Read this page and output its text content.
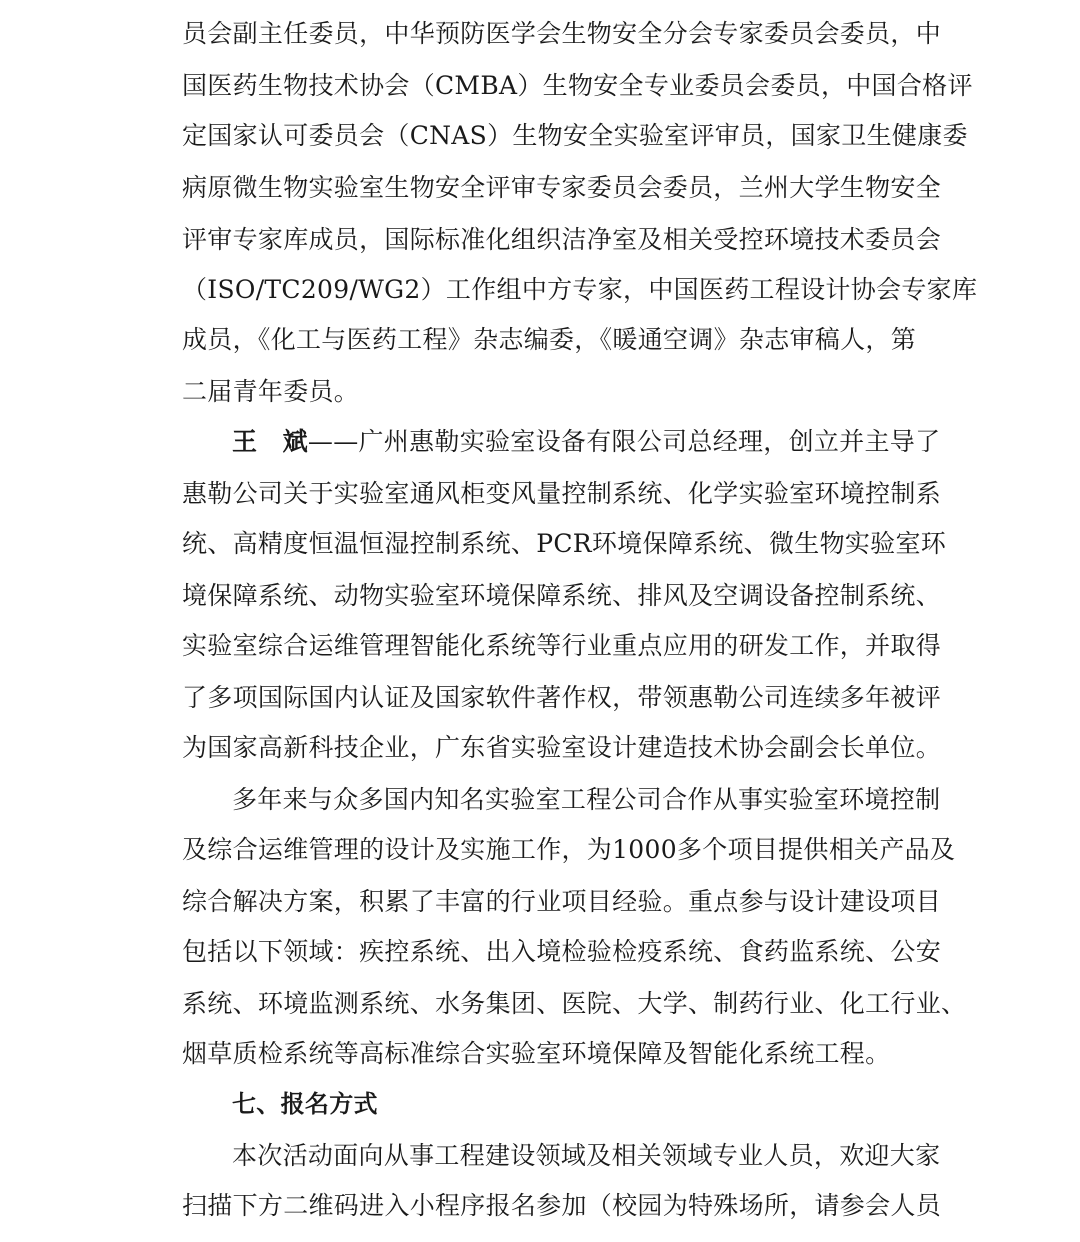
员会副主任委员，中华预防医学会生物安全分会专家委员会委员，中
国医药生物技术协会（CMBA）生物安全专业委员会委员，中国合格评
定国家认可委员会（CNAS）生物安全实验室评审员，国家卫生健康委
病原微生物实验室生物安全评审专家委员会委员，兰州大学生物安全
评审专家库成员，国际标准化组织洁净室及相关受控环境技术委员会
（ISO/TC209/WG2）工作组中方专家，中国医药工程设计协会专家库
成员，《化工与医药工程》杂志编委，《暖通空调》杂志审稿人，第
二届青年委员。
王　斌——广州惠勒实验室设备有限公司总经理，创立并主导了
惠勒公司关于实验室通风柜变风量控制系统、化学实验室环境控制系
统、高精度恒温恒湿控制系统、PCR环境保障系统、微生物实验室环
境保障系统、动物实验室环境保障系统、排风及空调设备控制系统、
实验室综合运维管理智能化系统等行业重点应用的研发工作，并取得
了多项国际国内认证及国家软件著作权，带领惠勒公司连续多年被评
为国家高新科技企业，广东省实验室设计建造技术协会副会长单位。
多年来与众多国内知名实验室工程公司合作从事实验室环境控制
及综合运维管理的设计及实施工作，为1000多个项目提供相关产品及
综合解决方案，积累了丰富的行业项目经验。重点参与设计建设项目
包括以下领域：疾控系统、出入境检验检疫系统、食药监系统、公安
系统、环境监测系统、水务集团、医院、大学、制药行业、化工行业、
烟草质检系统等高标准综合实验室环境保障及智能化系统工程。
七、报名方式
本次活动面向从事工程建设领域及相关领域专业人员，欢迎大家
扫描下方二维码进入小程序报名参加（校园为特殊场所，请参会人员
